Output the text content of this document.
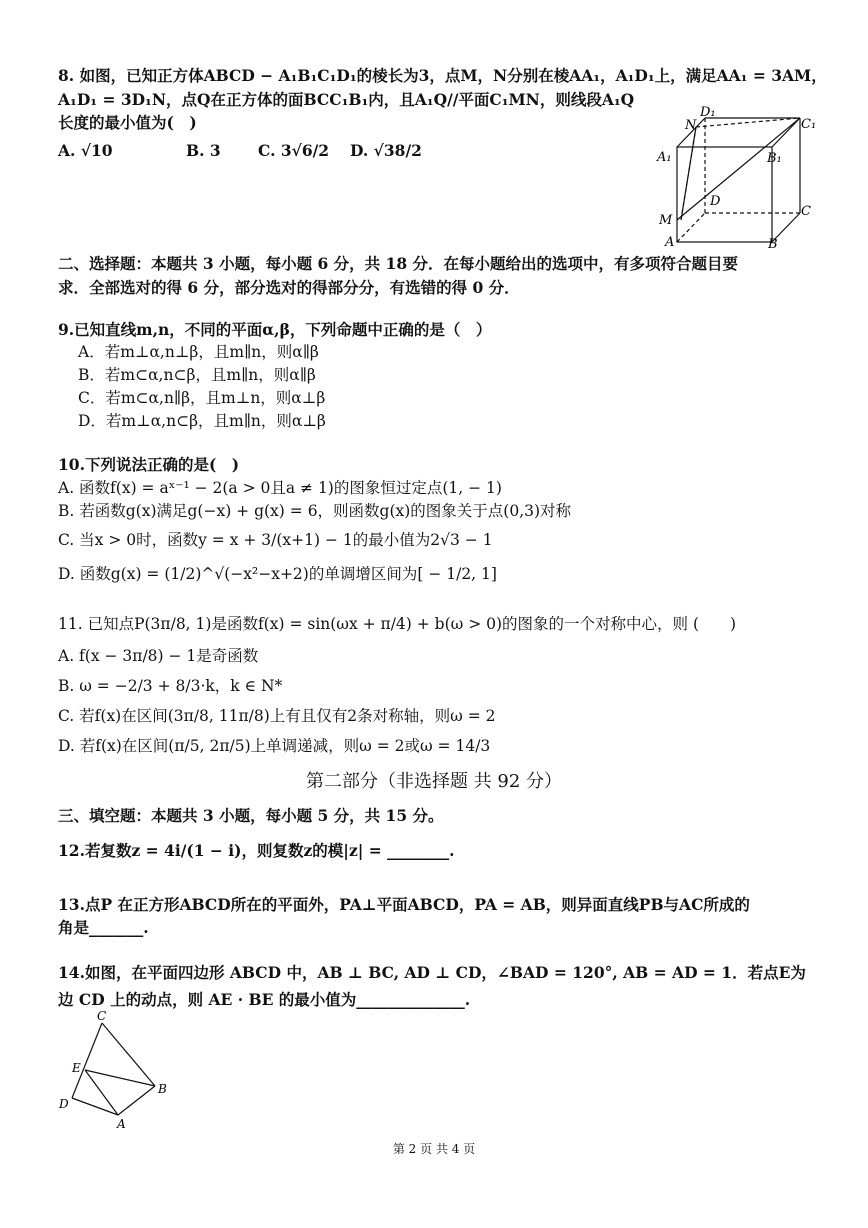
8. 如图，已知正方体ABCD − A₁B₁C₁D₁的棱长为3，点M，N分别在棱AA₁，A₁D₁上，满足AA₁ = 3AM，
A₁D₁ = 3D₁N，点Q在正方体的面BCC₁B₁内，且A₁Q//平面C₁MN，则线段A₁Q
长度的最小值为(　)
A. √10	B. 3 C. 3√6/2 D. √38/2
D₁
N	C₁
A₁	B₁
D
C
M
A	B
二、选择题：本题共 3 小题，每小题 6 分，共 18 分．在每小题给出的选项中，有多项符合题目要
求．全部选对的得 6 分，部分选对的得部分分，有选错的得 0 分．
9.已知直线m,n，不同的平面α,β，下列命题中正确的是（　）
A．若m⊥α,n⊥β，且m∥n，则α∥β
B．若m⊂α,n⊂β，且m∥n，则α∥β
C．若m⊂α,n∥β，且m⊥n，则α⊥β
D．若m⊥α,n⊂β，且m∥n，则α⊥β
10.下列说法正确的是(　)
A. 函数f(x) = aˣ⁻¹ − 2(a > 0且a ≠ 1)的图象恒过定点(1, − 1)
B. 若函数g(x)满足g(−x) + g(x) = 6，则函数g(x)的图象关于点(0,3)对称
C. 当x > 0时，函数y = x + 3/(x+1) − 1的最小值为2√3 − 1
D. 函数g(x) = (1/2)^√(−x²−x+2)的单调增区间为[ − 1/2, 1]
11. 已知点P(3π/8, 1)是函数f(x) = sin(ωx + π/4) + b(ω > 0)的图象的一个对称中心，则 (　　)
A. f(x − 3π/8) − 1是奇函数
B. ω = −2/3 + 8/3·k，k ∈ N*
C. 若f(x)在区间(3π/8, 11π/8)上有且仅有2条对称轴，则ω = 2
D. 若f(x)在区间(π/5, 2π/5)上单调递减，则ω = 2或ω = 14/3
第二部分（非选择题 共 92 分）
三、填空题：本题共 3 小题，每小题 5 分，共 15 分。
12.若复数z = 4i/(1 − i)，则复数z的模|z| = ________.
13.点P 在正方形ABCD所在的平面外，PA⊥平面ABCD，PA = AB，则异面直线PB与AC所成的
角是_______.
14.如图，在平面四边形 ABCD 中，AB ⊥ BC, AD ⊥ CD，∠BAD = 120°, AB = AD = 1．若点E为
边 CD 上的动点，则 AE · BE 的最小值为______________.
C
E
B
D
A
第 2 页 共 4 页
